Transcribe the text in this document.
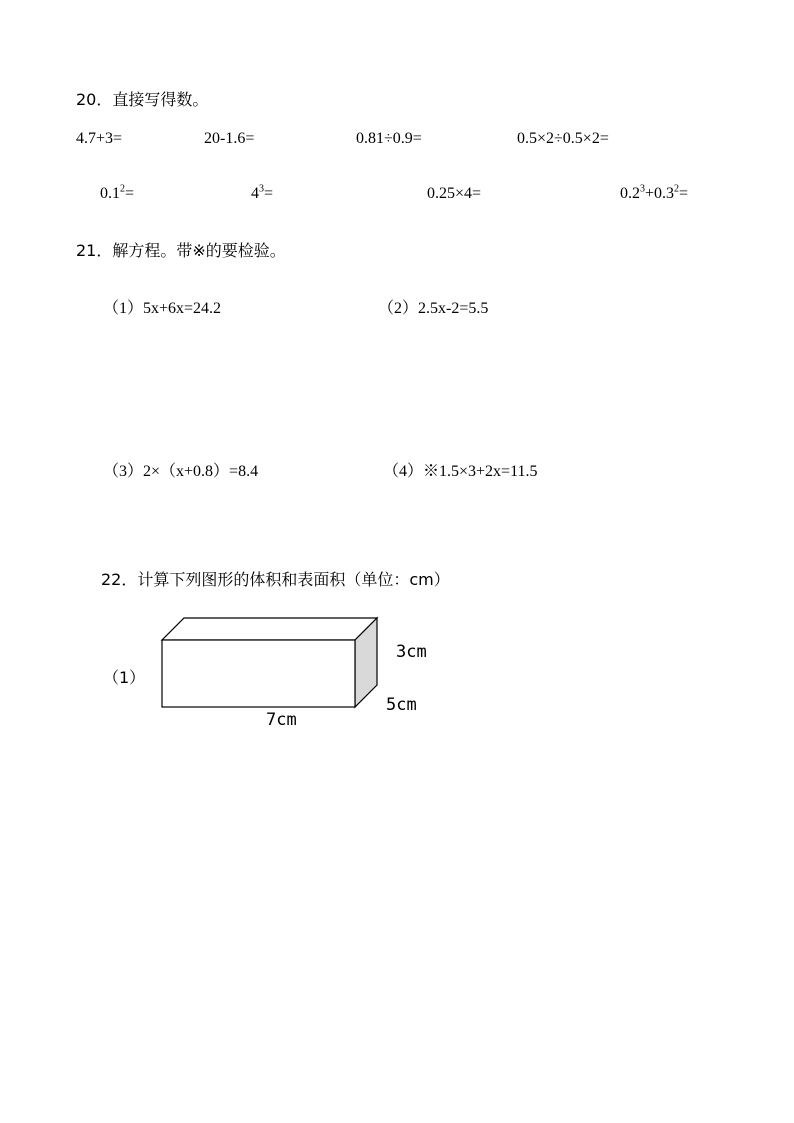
20．直接写得数。
4.7+3=	20-1.6=	0.81÷0.9=	0.5×2÷0.5×2=
$0.1^2=$	$4^3=$	0.25×4=	$0.2^3+0.3^2=$
21．解方程。带※的要检验。
（1）5x+6x=24.2	（2）2.5x-2=5.5
（3）2×（x+0.8）=8.4	（4）※1.5×3+2x=11.5
22．计算下列图形的体积和表面积（单位：cm）
（1）
3cm
5cm
7cm
